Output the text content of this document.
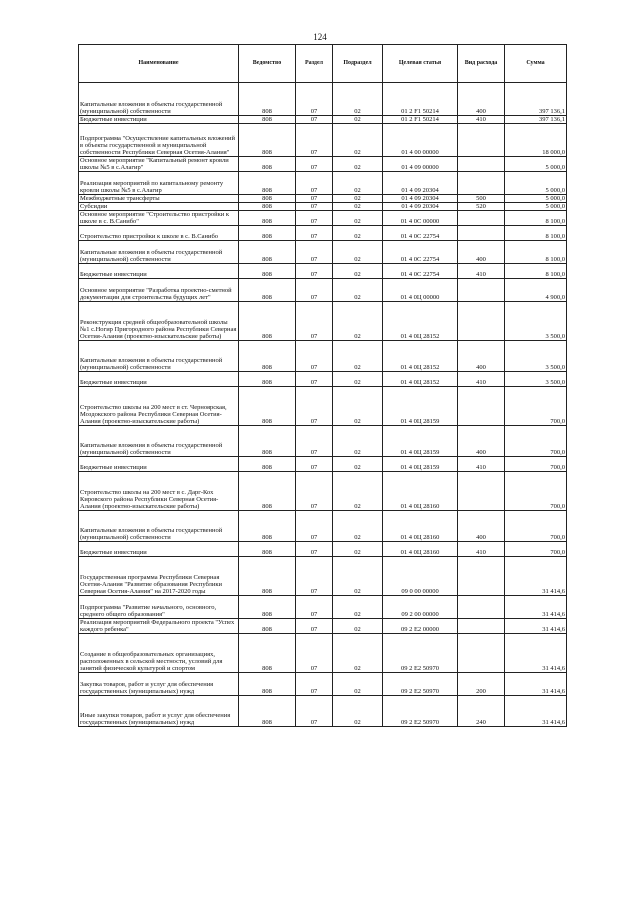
124
Наименование	Ведомство	Раздел	Подраздел	Целевая статья	Вид расхода	Сумма
Капитальные вложения в объекты государственной (муниципальной) собственности	808	07	02	01 2 F1 50214	400	397 136,1
Бюджетные инвестиции	808	07	02	01 2 F1 50214	410	397 136,1
Подпрограмма "Осуществление капитальных вложений в объекты государственной и муниципальной собственности Республики Северная Осетия-Алания"	808	07	02	01 4 00 00000		18 000,0
Основное мероприятие "Капитальный ремонт кровли школы №5 в с.Алагир"	808	07	02	01 4 09 00000		5 000,0
Реализация мероприятий по капитальному ремонту кровли школы №5 в с.Алагир	808	07	02	01 4 09 20304		5 000,0
Межбюджетные трансферты	808	07	02	01 4 09 20304	500	5 000,0
Субсидии	808	07	02	01 4 09 20304	520	5 000,0
Основное мероприятие "Строительство пристройки к школе в с. В.Санибо"	808	07	02	01 4 0С 00000		8 100,0
Строительство пристройки к школе в с. В.Санибо	808	07	02	01 4 0С 22754		8 100,0
Капитальные вложения в объекты государственной (муниципальной) собственности	808	07	02	01 4 0С 22754	400	8 100,0
Бюджетные инвестиции	808	07	02	01 4 0С 22754	410	8 100,0
Основное мероприятие "Разработка проектно-сметной документации для строительства будущих лет"	808	07	02	01 4 0Ц 00000		4 900,0
Реконструкция средней общеобразовательной школы №1 с.Ногир Пригородного района Республики Северная Осетия-Алания (проектно-изыскательские работы)	808	07	02	01 4 0Ц 28152		3 500,0
Капитальные вложения в объекты государственной (муниципальной) собственности	808	07	02	01 4 0Ц 28152	400	3 500,0
Бюджетные инвестиции	808	07	02	01 4 0Ц 28152	410	3 500,0
Строительство школы на 200 мест в ст. Черноярская, Моздокского района Республики Северная Осетия-Алания (проектно-изыскательские работы)	808	07	02	01 4 0Ц 28159		700,0
Капитальные вложения в объекты государственной (муниципальной) собственности	808	07	02	01 4 0Ц 28159	400	700,0
Бюджетные инвестиции	808	07	02	01 4 0Ц 28159	410	700,0
Строительство школы на 200 мест в с. Дарг-Кох Кировского района Республики Северная Осетия-Алания (проектно-изыскательские работы)	808	07	02	01 4 0Ц 28160		700,0
Капитальные вложения в объекты государственной (муниципальной) собственности	808	07	02	01 4 0Ц 28160	400	700,0
Бюджетные инвестиции	808	07	02	01 4 0Ц 28160	410	700,0
Государственная программа Республики Северная Осетия-Алания "Развитие образования Республики Северная Осетия-Алания" на 2017-2020 годы	808	07	02	09 0 00 00000		31 414,6
Подпрограмма "Развитие начального, основного, среднего общего образования"	808	07	02	09 2 00 00000		31 414,6
Реализация мероприятий Федерального проекта "Успех каждого ребенка"	808	07	02	09 2 E2 00000		31 414,6
Создание в общеобразовательных организациях, расположенных в сельской местности, условий для занятий физической культурой и спортом	808	07	02	09 2 E2 50970		31 414,6
Закупка товаров, работ и услуг для обеспечения государственных (муниципальных) нужд	808	07	02	09 2 E2 50970	200	31 414,6
Иные закупки товаров, работ и услуг для обеспечения государственных (муниципальных) нужд	808	07	02	09 2 E2 50970	240	31 414,6
